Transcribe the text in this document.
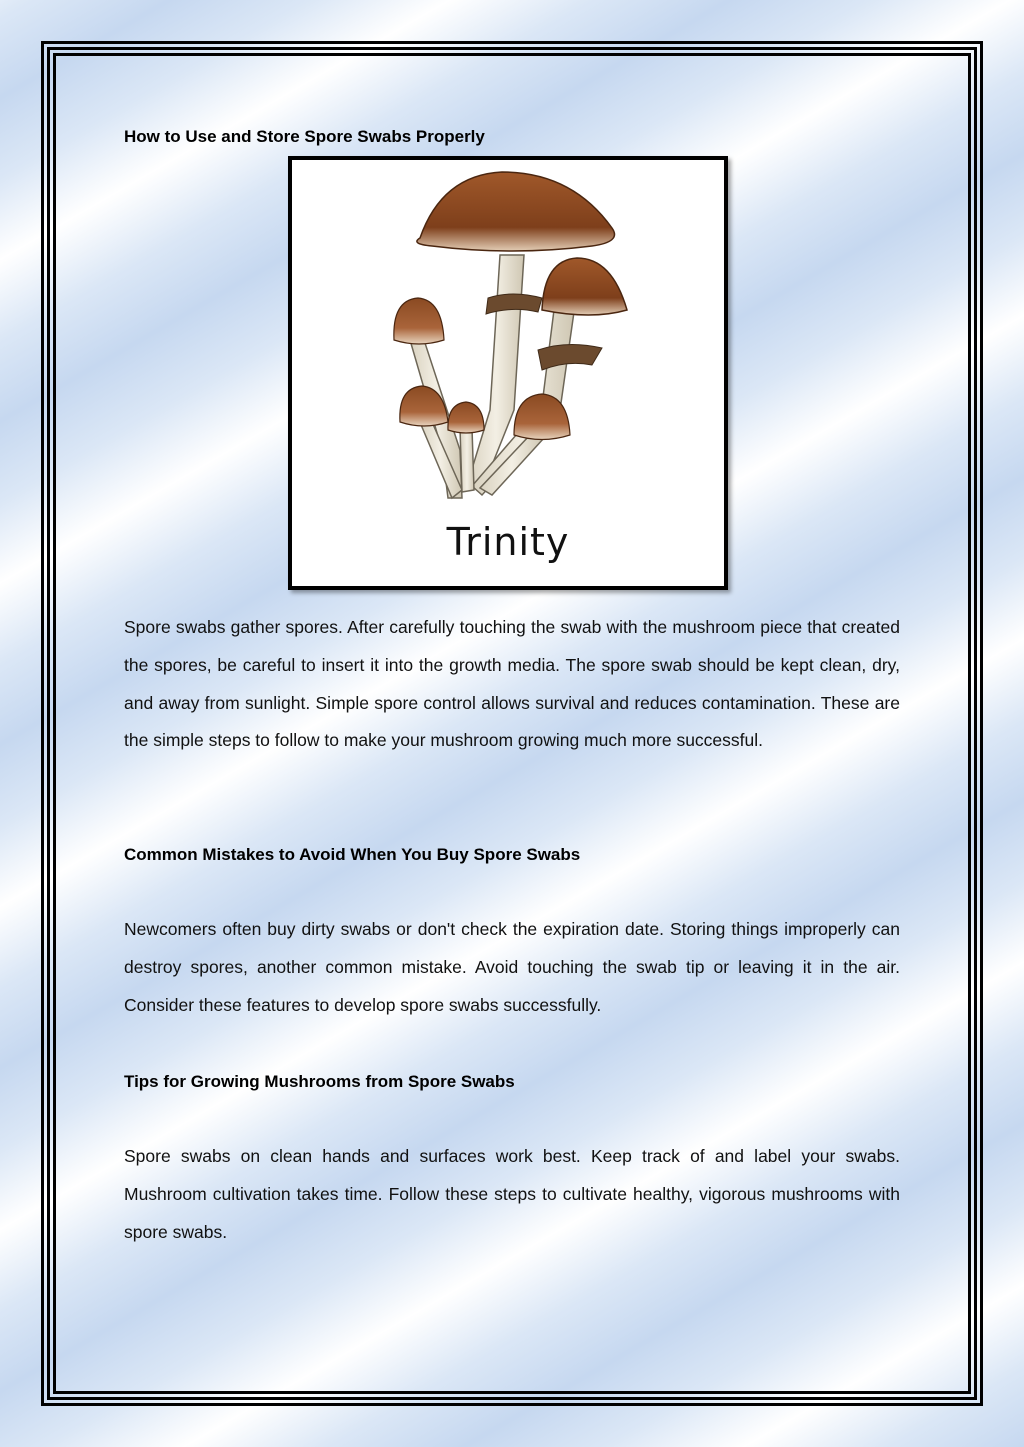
How to Use and Store Spore Swabs Properly
Trinity

Spore swabs gather spores. After carefully touching the swab with the mushroom piece that created the spores, be careful to insert it into the growth media. The spore swab should be kept clean, dry, and away from sunlight. Simple spore control allows survival and reduces contamination. These are the simple steps to follow to make your mushroom growing much more successful.

Common Mistakes to Avoid When You Buy Spore Swabs

Newcomers often buy dirty swabs or don't check the expiration date. Storing things improperly can destroy spores, another common mistake. Avoid touching the swab tip or leaving it in the air. Consider these features to develop spore swabs successfully.

Tips for Growing Mushrooms from Spore Swabs

Spore swabs on clean hands and surfaces work best. Keep track of and label your swabs. Mushroom cultivation takes time. Follow these steps to cultivate healthy, vigorous mushrooms with spore swabs.
